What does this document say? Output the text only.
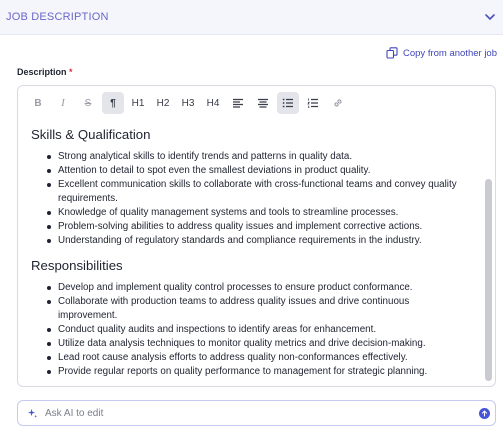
JOB DESCRIPTION
Copy from another job
Description *
B I S ¶ H1 H2 H3 H4
Skills & Qualification
Strong analytical skills to identify trends and patterns in quality data.
Attention to detail to spot even the smallest deviations in product quality.
Excellent communication skills to collaborate with cross-functional teams and convey quality requirements.
Knowledge of quality management systems and tools to streamline processes.
Problem-solving abilities to address quality issues and implement corrective actions.
Understanding of regulatory standards and compliance requirements in the industry.
Responsibilities
Develop and implement quality control processes to ensure product conformance.
Collaborate with production teams to address quality issues and drive continuous improvement.
Conduct quality audits and inspections to identify areas for enhancement.
Utilize data analysis techniques to monitor quality metrics and drive decision-making.
Lead root cause analysis efforts to address quality non-conformances effectively.
Provide regular reports on quality performance to management for strategic planning.
Ask AI to edit
